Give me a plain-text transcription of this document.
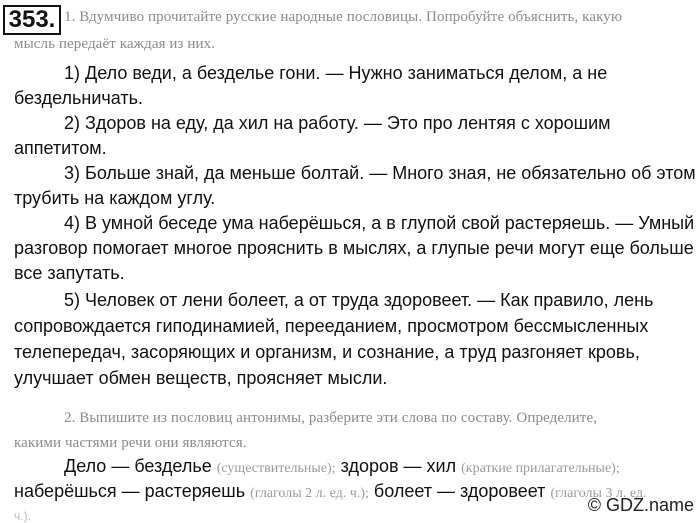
353. 1. Вдумчиво прочитайте русские народные пословицы. Попробуйте объяснить, какую
мысль передаёт каждая из них.
1) Дело веди, а безделье гони. — Нужно заниматься делом, а не
бездельничать.
2) Здоров на еду, да хил на работу. — Это про лентяя с хорошим
аппетитом.
3) Больше знай, да меньше болтай. — Много зная, не обязательно об этом
трубить на каждом углу.
4) В умной беседе ума наберёшься, а в глупой свой растеряешь. — Умный
разговор помогает многое прояснить в мыслях, а глупые речи могут еще больше
все запутать.
5) Человек от лени болеет, а от труда здоровеет. — Как правило, лень
сопровождается гиподинамией, перееданием, просмотром бессмысленных
телепередач, засоряющих и организм, и сознание, а труд разгоняет кровь,
улучшает обмен веществ, проясняет мысли.
2. Выпишите из пословиц антонимы, разберите эти слова по составу. Определите,
какими частями речи они являются.
Дело — безделье (существительные); здоров — хил (краткие прилагательные);
наберёшься — растеряешь (глаголы 2 л. ед. ч.); болеет — здоровеет (глаголы 3 л. ед.
ч.).
© GDZ.name
